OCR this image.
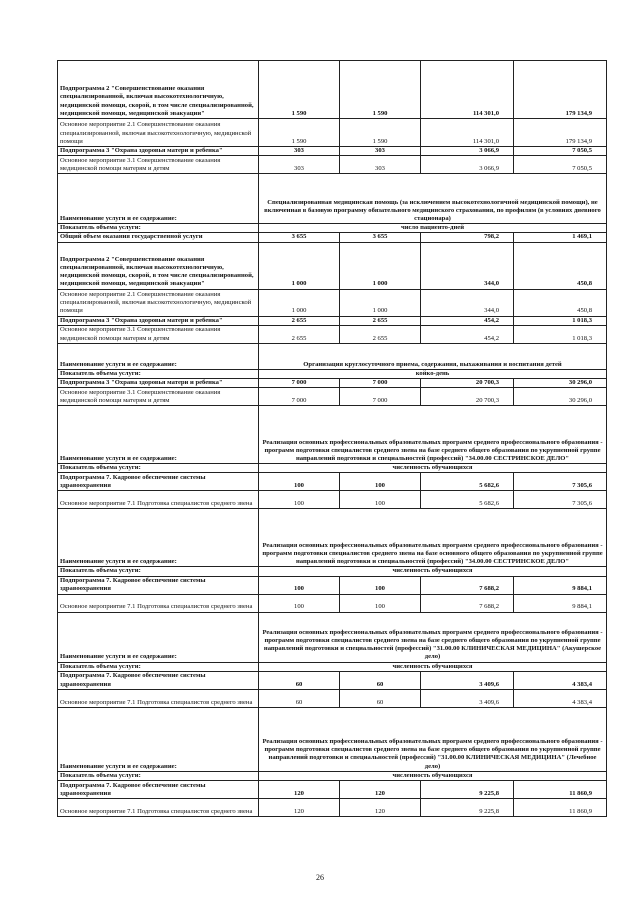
Подпрограмма 2 "Совершенствование оказания специализированной, включая высокотехнологичную, медицинской помощи, скорой, в том числе специализированной, медицинской помощи, медицинской эвакуации"	1 590	1 590	114 301,0	179 134,9
Основное мероприятие 2.1 Совершенствование оказания специализированной, включая высокотехнологичную, медицинской помощи	1 590	1 590	114 301,0	179 134,9
Подпрограмма 3 "Охрана здоровья матери и ребенка"	303	303	3 066,9	7 050,5
Основное мероприятие 3.1 Совершенствование оказания медицинской помощи матерям и детям	303	303	3 066,9	7 050,5
Наименование услуги и ее содержание:	Специализированная медицинская помощь (за исключением высокотехнологичной медицинской помощи), не включенная в базовую программу обязательного медицинского страхования, по профилям (в условиях дневного стационара)			
Показатель объема услуги:	число пациенто-дней			
Общий объем оказания государственной услуги	3 655	3 655	798,2	1 469,1
Подпрограмма 2 "Совершенствование оказания специализированной, включая высокотехнологичную, медицинской помощи, скорой, в том числе специализированной, медицинской помощи, медицинской эвакуации"	1 000	1 000	344,0	450,8
Основное мероприятие 2.1 Совершенствование оказания специализированной, включая высокотехнологичную, медицинской помощи	1 000	1 000	344,0	450,8
Подпрограмма 3 "Охрана здоровья матери и ребенка"	2 655	2 655	454,2	1 018,3
Основное мероприятие 3.1 Совершенствование оказания медицинской помощи матерям и детям	2 655	2 655	454,2	1 018,3
Наименование услуги и ее содержание:	Организация круглосуточного приема, содержания, выхаживания и воспитания детей			
Показатель объема услуги:	койко-день			
Подпрограмма 3 "Охрана здоровья матери и ребенка"	7 000	7 000	20 700,3	30 296,0
Основное мероприятие 3.1 Совершенствование оказания медицинской помощи матерям и детям	7 000	7 000	20 700,3	30 296,0
Наименование услуги и ее содержание:	Реализация основных профессиональных образовательных программ среднего профессионального образования - программ подготовки специалистов среднего звена на базе среднего общего образования по укрупненной группе направлений подготовки и специальностей (профессий) "34.00.00 СЕСТРИНСКОЕ ДЕЛО"			
Показатель объема услуги:	численность обучающихся			
Подпрограмма 7. Кадровое обеспечение системы здравоохранения	100	100	5 682,6	7 305,6
Основное мероприятие 7.1 Подготовка специалистов среднего звена	100	100	5 682,6	7 305,6
Наименование услуги и ее содержание:	Реализация основных профессиональных образовательных программ среднего профессионального образования - программ подготовки специалистов среднего звена на базе основного общего образования по укрупненной группе направлений подготовки и специальностей (профессий) "34.00.00 СЕСТРИНСКОЕ ДЕЛО"			
Показатель объема услуги:	численность обучающихся			
Подпрограмма 7. Кадровое обеспечение системы здравоохранения	100	100	7 688,2	9 884,1
Основное мероприятие 7.1 Подготовка специалистов среднего звена	100	100	7 688,2	9 884,1
Наименование услуги и ее содержание:	Реализация основных профессиональных образовательных программ среднего профессионального образования - программ подготовки специалистов среднего звена на базе среднего общего образования по укрупненной группе направлений подготовки и специальностей (профессий) "31.00.00 КЛИНИЧЕСКАЯ МЕДИЦИНА" (Акушерское дело)			
Показатель объема услуги:	численность обучающихся			
Подпрограмма 7. Кадровое обеспечение системы здравоохранения	60	60	3 409,6	4 383,4
Основное мероприятие 7.1 Подготовка специалистов среднего звена	60	60	3 409,6	4 383,4
Наименование услуги и ее содержание:	Реализация основных профессиональных образовательных программ среднего профессионального образования - программ подготовки специалистов среднего звена на базе среднего общего образования по укрупненной группе направлений подготовки и специальностей (профессий) "31.00.00 КЛИНИЧЕСКАЯ МЕДИЦИНА" (Лечебное дело)			
Показатель объема услуги:	численность обучающихся			
Подпрограмма 7. Кадровое обеспечение системы здравоохранения	120	120	9 225,8	11 860,9
Основное мероприятие 7.1 Подготовка специалистов среднего звена	120	120	9 225,8	11 860,9
26
